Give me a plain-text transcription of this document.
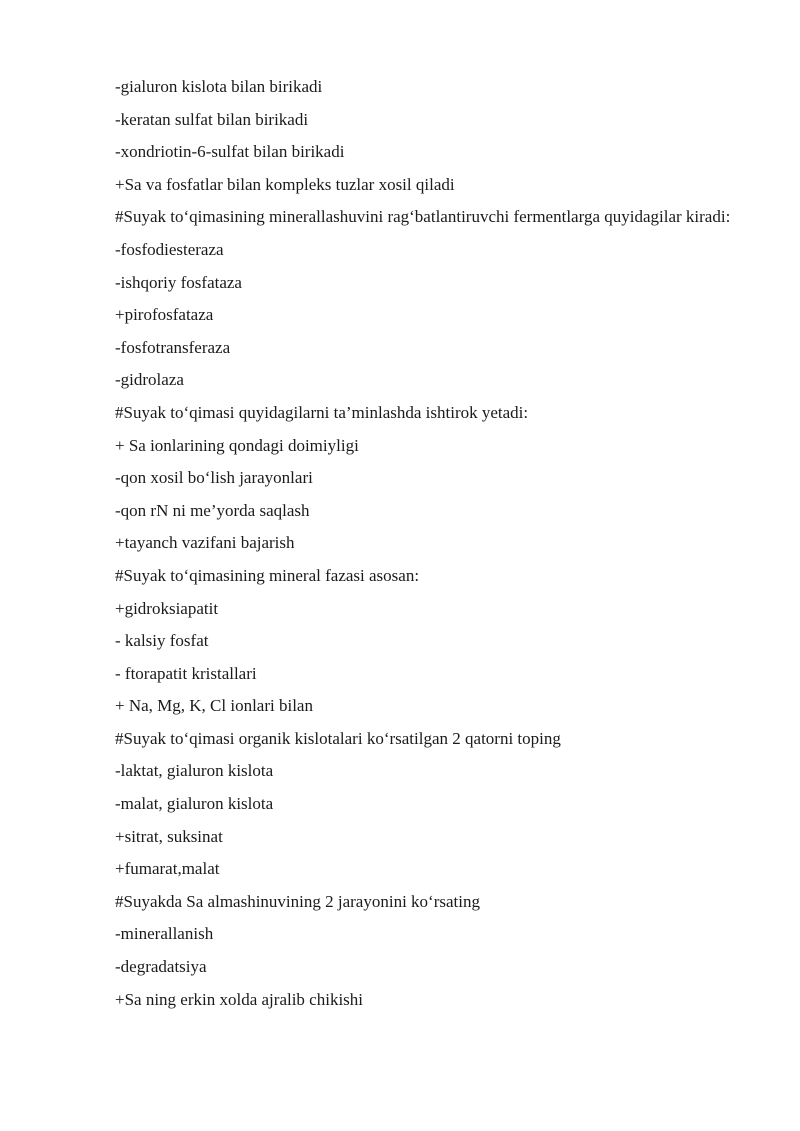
-gialuron kislota bilan birikadi

-keratan sulfat bilan birikadi

-xondriotin-6-sulfat bilan birikadi

+Sa va fosfatlar bilan kompleks tuzlar xosil qiladi

#Suyak to‘qimasining minerallashuvini rag‘batlantiruvchi fermentlarga quyidagilar kiradi:

-fosfodiesteraza

-ishqoriy fosfataza

+pirofosfataza

-fosfotransferaza

-gidrolaza

#Suyak to‘qimasi quyidagilarni ta’minlashda ishtirok yetadi:

+ Sa ionlarining qondagi doimiyligi

-qon xosil bo‘lish jarayonlari

-qon rN ni me’yorda saqlash

+tayanch vazifani bajarish

#Suyak to‘qimasining mineral fazasi asosan:

+gidroksiapatit

- kalsiy fosfat

- ftorapatit kristallari

+ Na, Mg, K, Cl ionlari bilan

#Suyak to‘qimasi organik kislotalari ko‘rsatilgan 2 qatorni toping

-laktat, gialuron kislota

-malat, gialuron kislota

+sitrat, suksinat

+fumarat,malat

#Suyakda Sa almashinuvining 2 jarayonini ko‘rsating

-minerallanish

-degradatsiya

+Sa ning erkin xolda ajralib chikishi
